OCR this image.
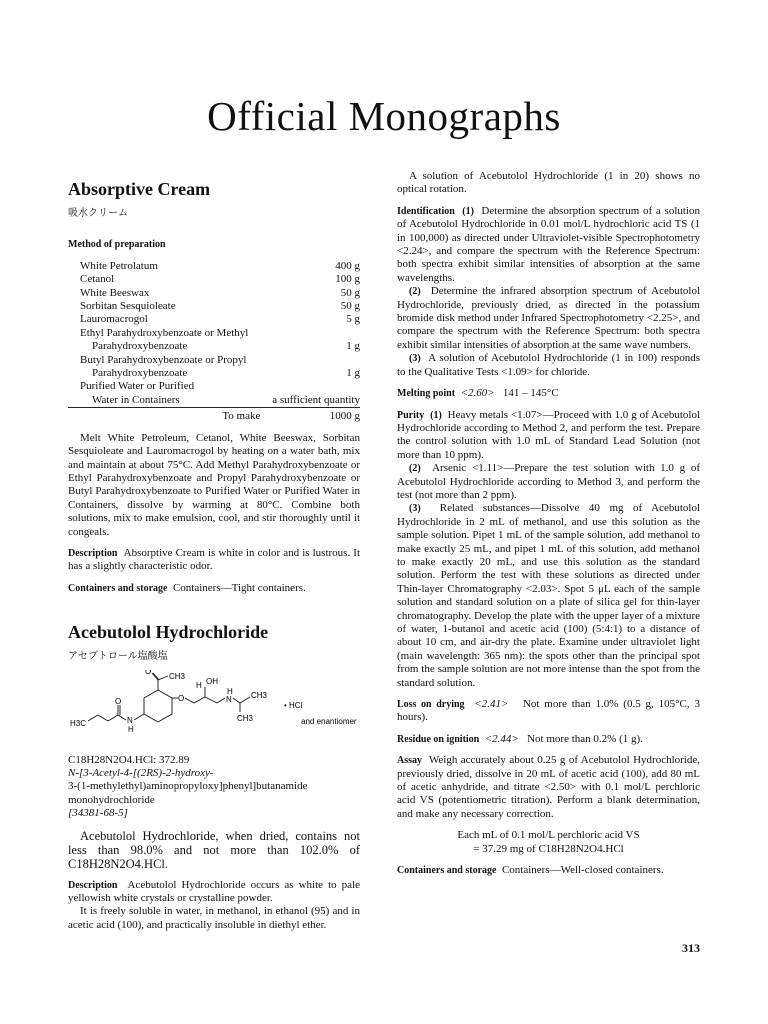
Official Monographs
Absorptive Cream
吸水クリーム
Method of preparation
White Petrolatum	400 g
Cetanol	100 g
White Beeswax	50 g
Sorbitan Sesquioleate	50 g
Lauromacrogol	5 g
Ethyl Parahydroxybenzoate or Methyl	
Parahydroxybenzoate	1 g
Butyl Parahydroxybenzoate or Propyl	
Parahydroxybenzoate	1 g
Purified Water or Purified	
Water in Containers	a sufficient quantity
To make	1000 g

Melt White Petroleum, Cetanol, White Beeswax, Sorbitan Sesquioleate and Lauromacrogol by heating on a water bath, mix and maintain at about 75°C. Add Methyl Parahydroxybenzoate or Ethyl Parahydroxybenzoate and Propyl Parahydroxybenzoate or Butyl Parahydroxybenzoate to Purified Water or Purified Water in Containers, dissolve by warming at 80°C. Combine both solutions, mix to make emulsion, cool, and stir thoroughly until it congeals.

Description Absorptive Cream is white in color and is lustrous. It has a slightly characteristic odor.

Containers and storage Containers—Tight containers.

Acebutolol Hydrochloride
アセブトロール塩酸塩
O
CH3
O
H OH
H
N CH3
CH3
• HCl
H3C
O
N
H
and enantiomer
C18H28N2O4.HCl: 372.89
N-[3-Acetyl-4-[(2RS)-2-hydroxy-
3-(1-methylethyl)aminopropyloxy]phenyl]butanamide
monohydrochloride
[34381-68-5]

Acebutolol Hydrochloride, when dried, contains not less than 98.0% and not more than 102.0% of C18H28N2O4.HCl.

Description Acebutolol Hydrochloride occurs as white to pale yellowish white crystals or crystalline powder.

It is freely soluble in water, in methanol, in ethanol (95) and in acetic acid (100), and practically insoluble in diethyl ether.

A solution of Acebutolol Hydrochloride (1 in 20) shows no optical rotation.

Identification (1) Determine the absorption spectrum of a solution of Acebutolol Hydrochloride in 0.01 mol/L hydrochloric acid TS (1 in 100,000) as directed under Ultraviolet-visible Spectrophotometry <2.24>, and compare the spectrum with the Reference Spectrum: both spectra exhibit similar intensities of absorption at the same wavelengths.

(2) Determine the infrared absorption spectrum of Acebutolol Hydrochloride, previously dried, as directed in the potassium bromide disk method under Infrared Spectrophotometry <2.25>, and compare the spectrum with the Reference Spectrum: both spectra exhibit similar intensities of absorption at the same wave numbers.

(3) A solution of Acebutolol Hydrochloride (1 in 100) responds to the Qualitative Tests <1.09> for chloride.

Melting point <2.60> 141 – 145°C

Purity (1) Heavy metals <1.07>—Proceed with 1.0 g of Acebutolol Hydrochloride according to Method 2, and perform the test. Prepare the control solution with 1.0 mL of Standard Lead Solution (not more than 10 ppm).

(2) Arsenic <1.11>—Prepare the test solution with 1.0 g of Acebutolol Hydrochloride according to Method 3, and perform the test (not more than 2 ppm).

(3) Related substances—Dissolve 40 mg of Acebutolol Hydrochloride in 2 mL of methanol, and use this solution as the sample solution. Pipet 1 mL of the sample solution, add methanol to make exactly 25 mL, and pipet 1 mL of this solution, add methanol to make exactly 20 mL, and use this solution as the standard solution. Perform the test with these solutions as directed under Thin-layer Chromatography <2.03>. Spot 5 μL each of the sample solution and standard solution on a plate of silica gel for thin-layer chromatography. Develop the plate with the upper layer of a mixture of water, 1-butanol and acetic acid (100) (5:4:1) to a distance of about 10 cm, and air-dry the plate. Examine under ultraviolet light (main wavelength: 365 nm): the spots other than the principal spot from the sample solution are not more intense than the spot from the standard solution.

Loss on drying <2.41> Not more than 1.0% (0.5 g, 105°C, 3 hours).

Residue on ignition <2.44> Not more than 0.2% (1 g).

Assay Weigh accurately about 0.25 g of Acebutolol Hydrochloride, previously dried, dissolve in 20 mL of acetic acid (100), add 80 mL of acetic anhydride, and titrate <2.50> with 0.1 mol/L perchloric acid VS (potentiometric titration). Perform a blank determination, and make any necessary correction.

Each mL of 0.1 mol/L perchloric acid VS
= 37.29 mg of C18H28N2O4.HCl

Containers and storage Containers—Well-closed containers.

313
